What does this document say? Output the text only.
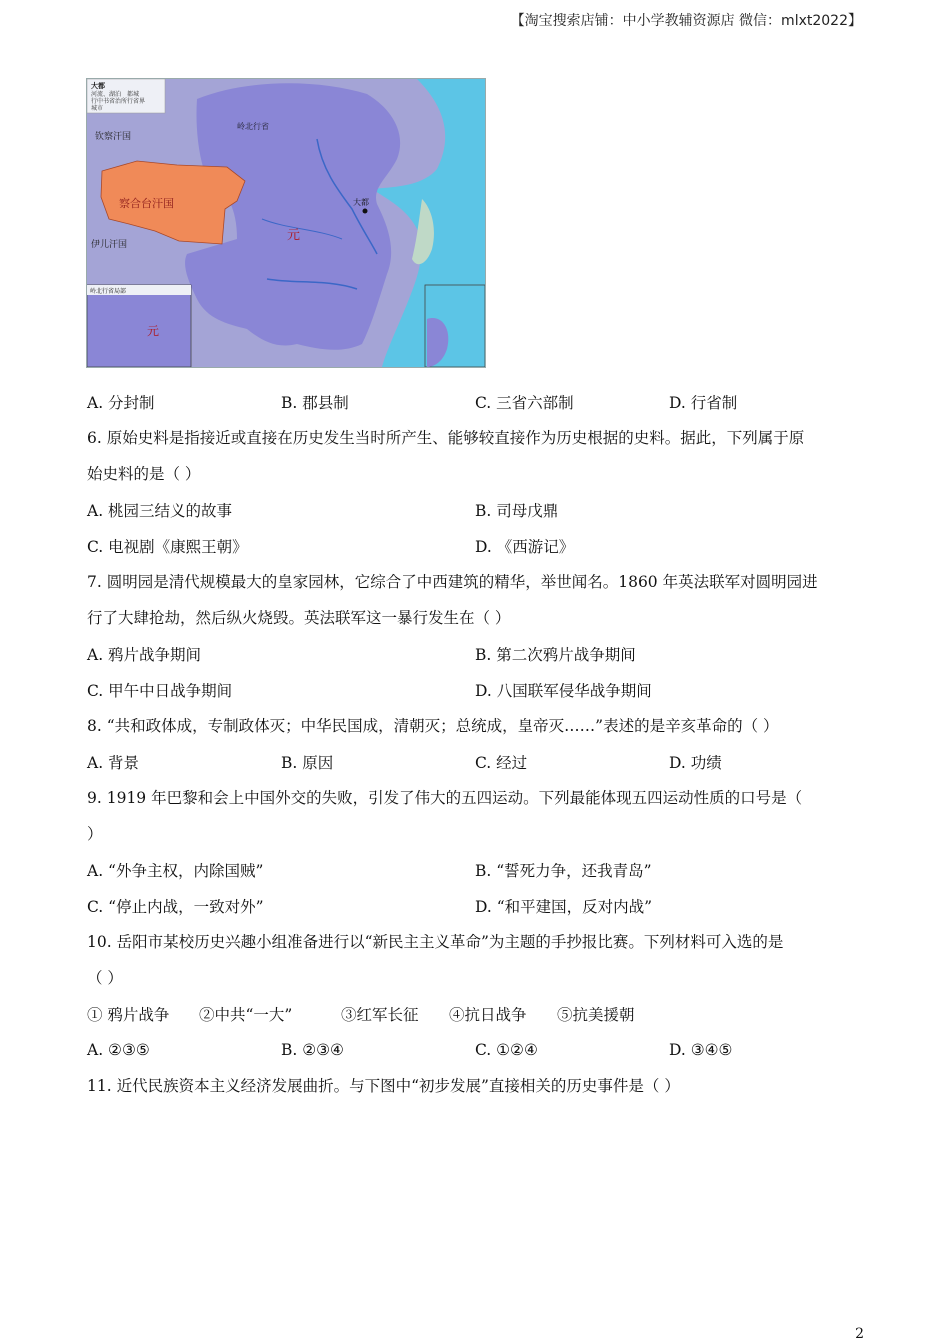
【淘宝搜索店铺：中小学教辅资源店 微信：mlxt2022】
大都
河流、湖泊
行中书省治所
城市
都城
行省界
钦察汗国
察合台汗国
伊儿汗国
岭北行省
元
大都
岭北行省局部
元
A. 分封制	B. 郡县制	C. 三省六部制	D. 行省制
6. 原始史料是指接近或直接在历史发生当时所产生、能够较直接作为历史根据的史料。据此，下列属于原
始史料的是（ ）
A. 桃园三结义的故事	B. 司母戊鼎
C. 电视剧《康熙王朝》	D. 《西游记》
7. 圆明园是清代规模最大的皇家园林，它综合了中西建筑的精华，举世闻名。1860 年英法联军对圆明园进
行了大肆抢劫，然后纵火烧毁。英法联军这一暴行发生在（ ）
A. 鸦片战争期间	B. 第二次鸦片战争期间
C. 甲午中日战争期间	D. 八国联军侵华战争期间
8. “共和政体成，专制政体灭；中华民国成，清朝灭；总统成，皇帝灭……”表述的是辛亥革命的（ ）
A. 背景	B. 原因	C. 经过	D. 功绩
9. 1919 年巴黎和会上中国外交的失败，引发了伟大的五四运动。下列最能体现五四运动性质的口号是（
）
A. “外争主权，内除国贼”	B. “誓死力争，还我青岛”
C. “停止内战，一致对外”	D. “和平建国，反对内战”
10. 岳阳市某校历史兴趣小组准备进行以“新民主主义革命”为主题的手抄报比赛。下列材料可入选的是
（ ）
① 鸦片战争	②中共“一大”	③红军长征	④抗日战争	⑤抗美援朝
A. ②③⑤	B. ②③④	C. ①②④	D. ③④⑤
11. 近代民族资本主义经济发展曲折。与下图中“初步发展”直接相关的历史事件是（ ）
2
